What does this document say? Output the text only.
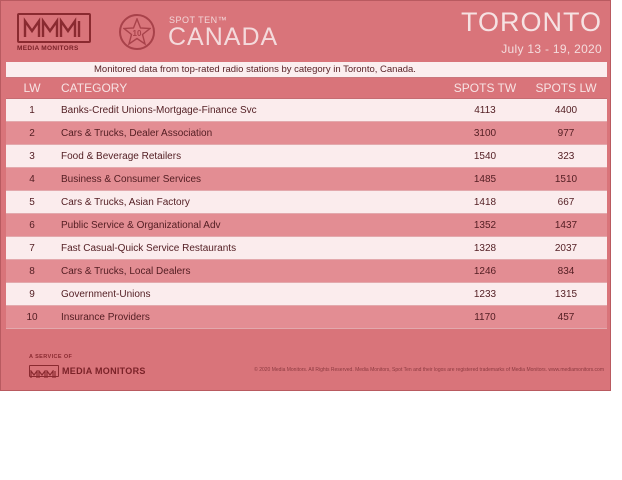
MEDIA MONITORS
10
SPOT TEN™
CANADA	TORONTO
July 13 - 19, 2020
Monitored data from top-rated radio stations by category in Toronto, Canada.
LW	CATEGORY	SPOTS TW	SPOTS LW
1	Banks-Credit Unions-Mortgage-Finance Svc	4113	4400
2	Cars & Trucks, Dealer Association	3100	977
3	Food & Beverage Retailers	1540	323
4	Business & Consumer Services	1485	1510
5	Cars & Trucks, Asian Factory	1418	667
6	Public Service & Organizational Adv	1352	1437
7	Fast Casual-Quick Service Restaurants	1328	2037
8	Cars & Trucks, Local Dealers	1246	834
9	Government-Unions	1233	1315
10	Insurance Providers	1170	457
A SERVICE OF
MEDIA MONITORS	© 2020 Media Monitors. All Rights Reserved. Media Monitors, Spot Ten and their logos are registered trademarks of Media Monitors. www.mediamonitors.com
